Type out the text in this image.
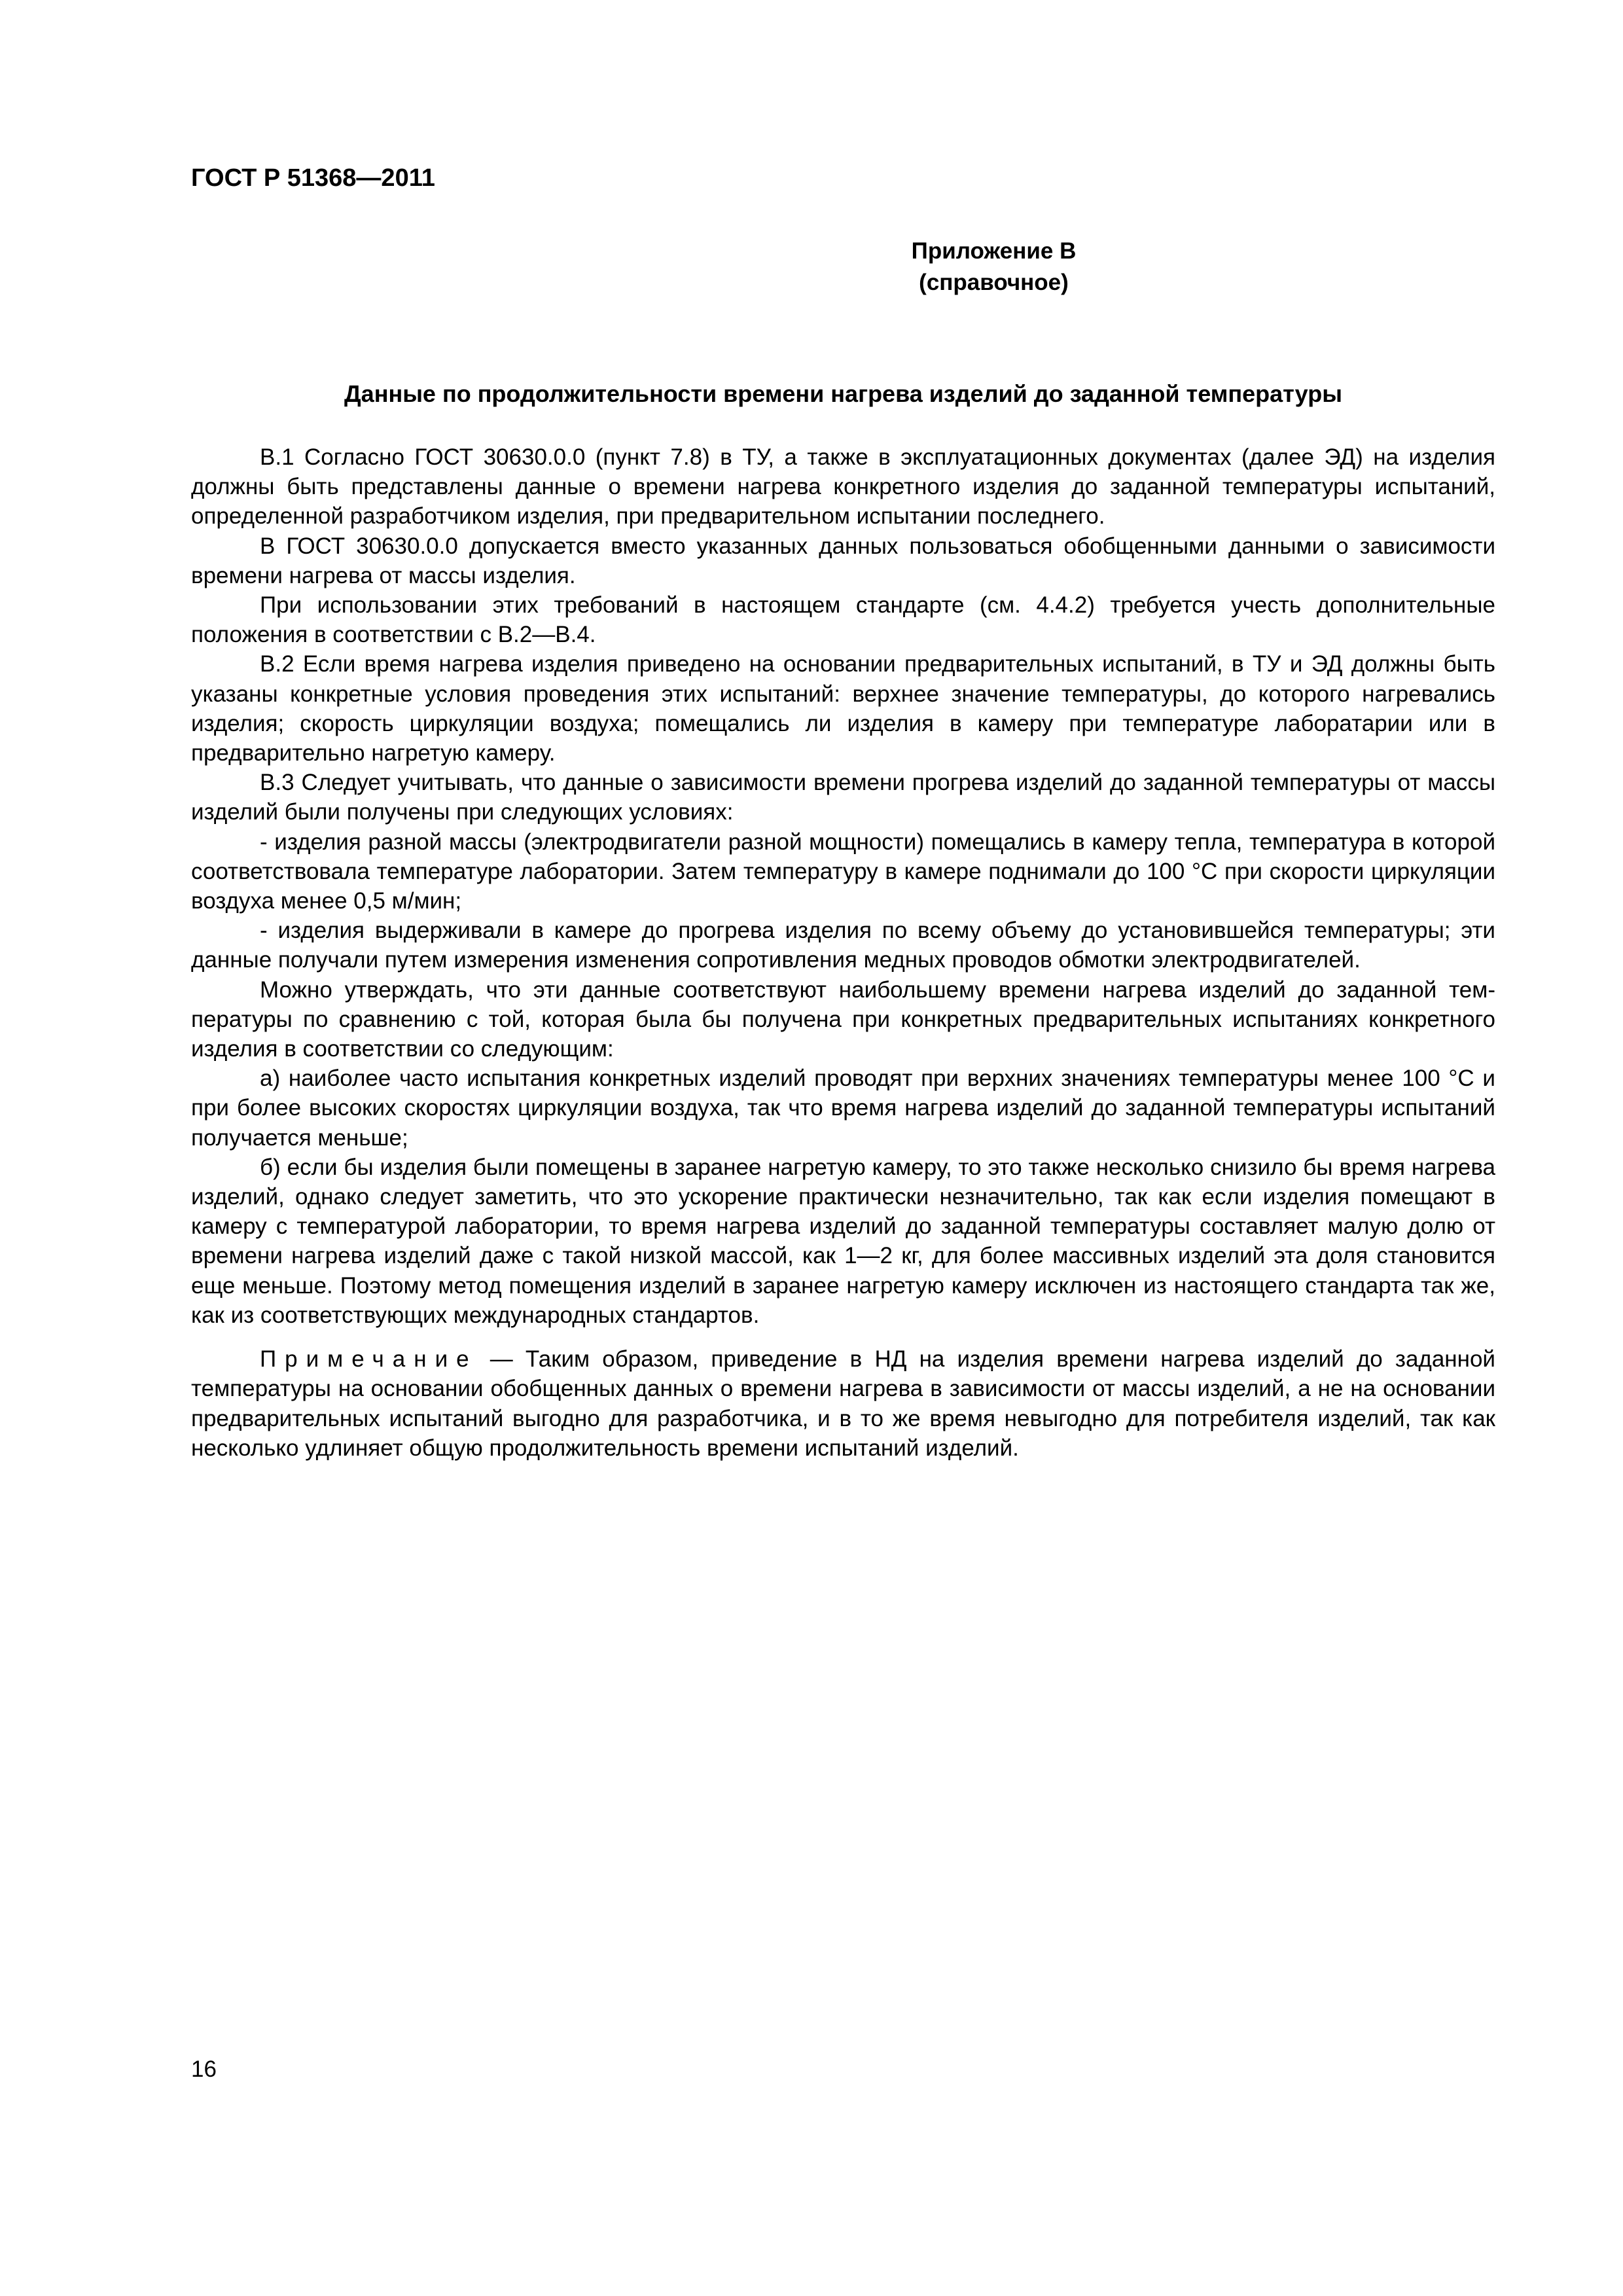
ГОСТ Р 51368—2011
Приложение В
(справочное)
Данные по продолжительности времени нагрева изделий до заданной температуры

В.1 Согласно ГОСТ 30630.0.0 (пункт 7.8) в ТУ, а также в эксплуатационных документах (далее ЭД) на изделия должны быть представлены данные о времени нагрева конкретного изделия до заданной температуры испытаний, определенной разработчиком изделия, при предварительном испытании последнего.

В ГОСТ 30630.0.0 допускается вместо указанных данных пользоваться обобщенными данными о зависимости времени нагрева от массы изделия.

При использовании этих требований в настоящем стандарте (см. 4.4.2) требуется учесть дополнительные положения в соответствии с В.2—В.4.

В.2 Если время нагрева изделия приведено на основании предварительных испытаний, в ТУ и ЭД должны быть указаны конкретные условия проведения этих испытаний: верхнее значение температуры, до которого нагревались изделия; скорость циркуляции воздуха; помещались ли изделия в камеру при температуре лаборатарии или в предварительно нагретую камеру.

В.3 Следует учитывать, что данные о зависимости времени прогрева изделий до заданной температуры от массы изделий были получены при следующих условиях:

- изделия разной массы (электродвигатели разной мощности) помещались в камеру тепла, температура в которой соответствовала температуре лаборатории. Затем температуру в камере поднимали до 100 °С при скорости циркуляции воздуха менее 0,5 м/мин;

- изделия выдерживали в камере до прогрева изделия по всему объему до установившейся температуры; эти данные получали путем измерения изменения сопротивления медных проводов обмотки электродвигателей.

Можно утверждать, что эти данные соответствуют наибольшему времени нагрева изделий до заданной температуры по сравнению с той, которая была бы получена при конкретных предварительных испытаниях конкретного изделия в соответствии со следующим:

а) наиболее часто испытания конкретных изделий проводят при верхних значениях температуры менее 100 °С и при более высоких скоростях циркуляции воздуха, так что время нагрева изделий до заданной температуры испытаний получается меньше;

б) если бы изделия были помещены в заранее нагретую камеру, то это также несколько снизило бы время нагрева изделий, однако следует заметить, что это ускорение практически незначительно, так как если изделия помещают в камеру с температурой лаборатории, то время нагрева изделий до заданной температуры составляет малую долю от времени нагрева изделий даже с такой низкой массой, как 1—2 кг, для более массивных изделий эта доля становится еще меньше. Поэтому метод помещения изделий в заранее нагретую камеру исключен из настоящего стандарта так же, как из соответствующих международных стандартов.

Примечание — Таким образом, приведение в НД на изделия времени нагрева изделий до заданной температуры на основании обобщенных данных о времени нагрева в зависимости от массы изделий, а не на основании предварительных испытаний выгодно для разработчика, и в то же время невыгодно для потребителя изделий, так как несколько удлиняет общую продолжительность времени испытаний изделий.

16
